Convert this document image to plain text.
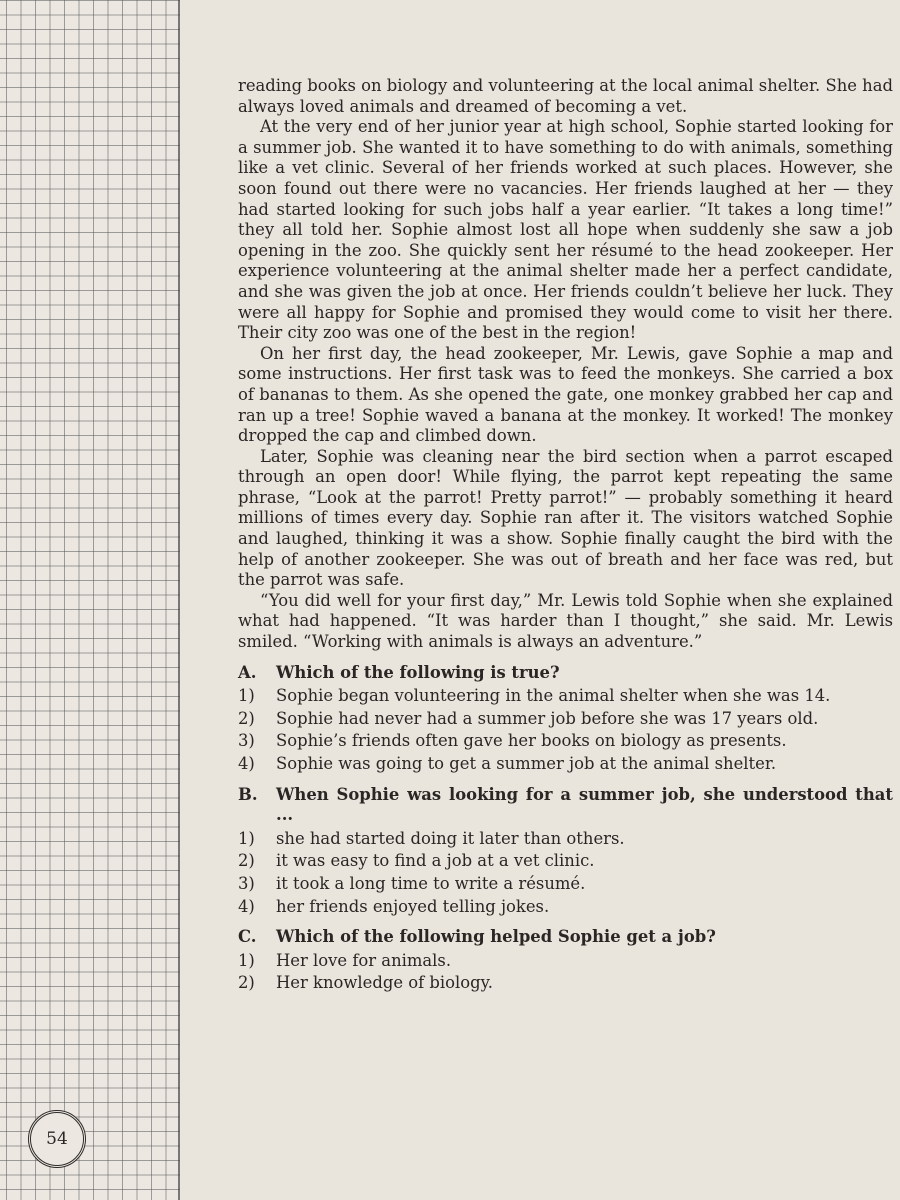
54

reading books on biology and volunteering at the local animal shelter. She had always loved animals and dreamed of becoming a vet.

At the very end of her junior year at high school, Sophie started looking for a summer job. She wanted it to have something to do with animals, something like a vet clinic. Several of her friends worked at such places. However, she soon found out there were no vacancies. Her friends laughed at her — they had started looking for such jobs half a year earlier. “It takes a long time!” they all told her. Sophie almost lost all hope when suddenly she saw a job opening in the zoo. She quickly sent her résumé to the head zookeeper. Her experience volunteering at the animal shelter made her a perfect candidate, and she was given the job at once. Her friends couldn’t believe her luck. They were all happy for Sophie and promised they would come to visit her there. Their city zoo was one of the best in the region!

On her first day, the head zookeeper, Mr. Lewis, gave Sophie a map and some instructions. Her first task was to feed the monkeys. She carried a box of bananas to them. As she opened the gate, one monkey grabbed her cap and ran up a tree! Sophie waved a banana at the monkey. It worked! The monkey dropped the cap and climbed down.

Later, Sophie was cleaning near the bird section when a parrot escaped through an open door! While flying, the parrot kept repeating the same phrase, “Look at the parrot! Pretty parrot!” — probably something it heard millions of times every day. Sophie ran after it. The visitors watched Sophie and laughed, thinking it was a show. Sophie finally caught the bird with the help of another zookeeper. She was out of breath and her face was red, but the parrot was safe.

“You did well for your first day,” Mr. Lewis told Sophie when she explained what had happened. “It was harder than I thought,” she said. Mr. Lewis smiled. “Working with animals is always an adventure.”

A.	Which of the following is true?
1)	Sophie began volunteering in the animal shelter when she was 14.
2)	Sophie had never had a summer job before she was 17 years old.
3)	Sophie’s friends often gave her books on biology as presents.
4)	Sophie was going to get a summer job at the animal shelter.
B.	When Sophie was looking for a summer job, she understood that ...
1)	she had started doing it later than others.
2)	it was easy to find a job at a vet clinic.
3)	it took a long time to write a résumé.
4)	her friends enjoyed telling jokes.
C.	Which of the following helped Sophie get a job?
1)	Her love for animals.
2)	Her knowledge of biology.
